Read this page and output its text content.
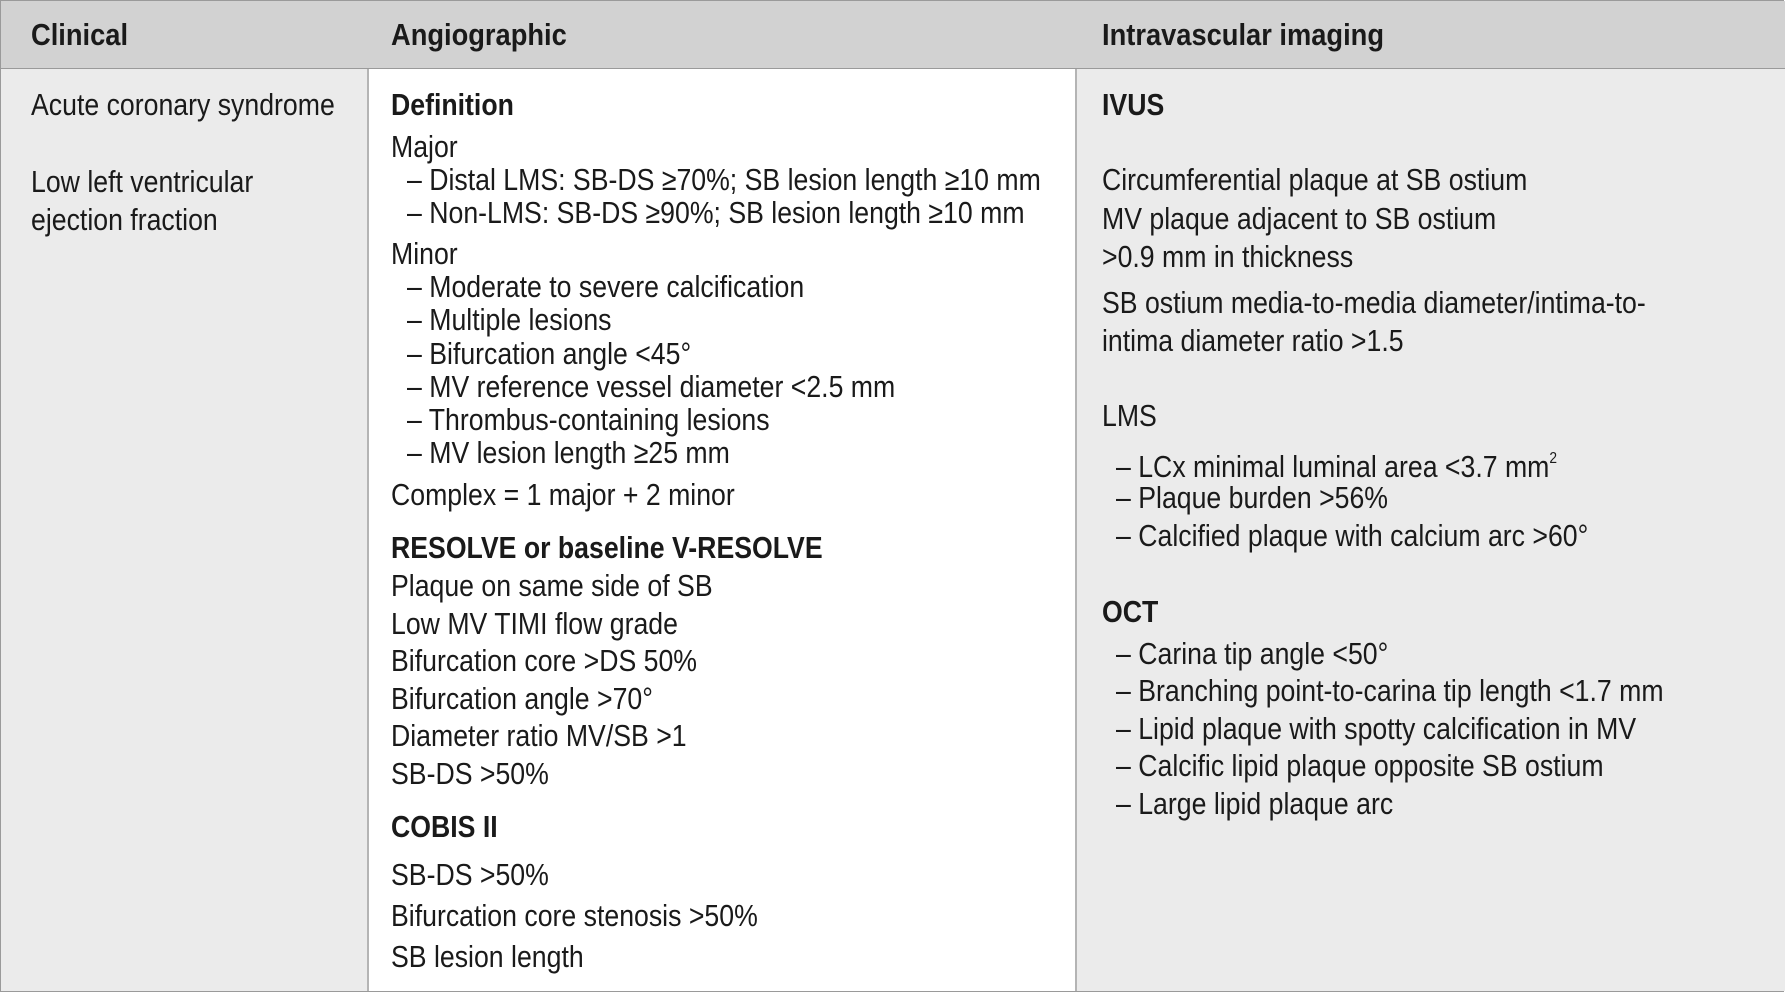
Clinical	Angiographic	Intravascular imaging
Acute coronary syndrome
Low left ventricular
ejection fraction
Definition
Major
– Distal LMS: SB-DS ≥70%; SB lesion length ≥10 mm
– Non-LMS: SB-DS ≥90%; SB lesion length ≥10 mm
Minor
– Moderate to severe calcification
– Multiple lesions
– Bifurcation angle <45°
– MV reference vessel diameter <2.5 mm
– Thrombus-containing lesions
– MV lesion length ≥25 mm
Complex = 1 major + 2 minor
RESOLVE or baseline V-RESOLVE
Plaque on same side of SB
Low MV TIMI flow grade
Bifurcation core >DS 50%
Bifurcation angle >70°
Diameter ratio MV/SB >1
SB-DS >50%
COBIS II
SB-DS >50%
Bifurcation core stenosis >50%
SB lesion length
IVUS
Circumferential plaque at SB ostium
MV plaque adjacent to SB ostium
>0.9 mm in thickness
SB ostium media-to-media diameter/intima-to-
intima diameter ratio >1.5
LMS
– LCx minimal luminal area <3.7 $mm^2$
– Plaque burden >56%
– Calcified plaque with calcium arc >60°
OCT
– Carina tip angle <50°
– Branching point-to-carina tip length <1.7 mm
– Lipid plaque with spotty calcification in MV
– Calcific lipid plaque opposite SB ostium
– Large lipid plaque arc
